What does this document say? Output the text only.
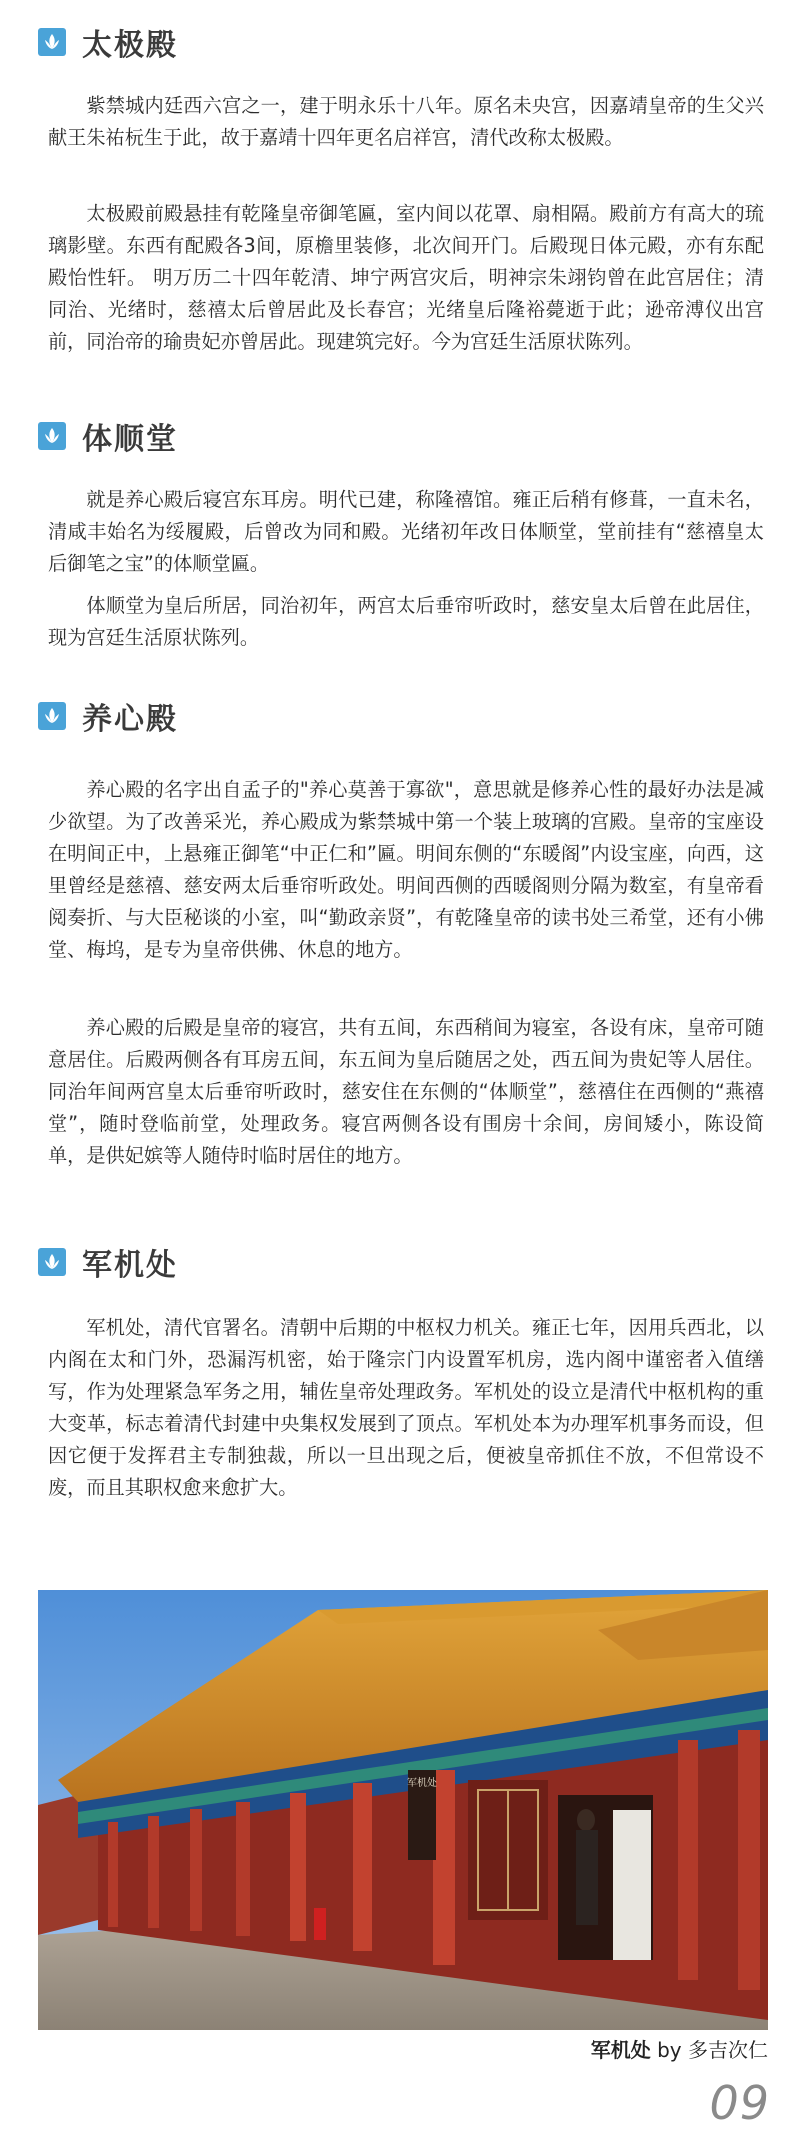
太极殿

紫禁城内廷西六宫之一，建于明永乐十八年。原名未央宫，因嘉靖皇帝的生父兴献王朱祐杬生于此，故于嘉靖十四年更名启祥宫，清代改称太极殿。

太极殿前殿悬挂有乾隆皇帝御笔匾，室内间以花罩、扇相隔。殿前方有高大的琉璃影壁。东西有配殿各3间，原檐里装修，北次间开门。后殿现日体元殿，亦有东配殿怡性轩。 明万历二十四年乾清、坤宁两宫灾后，明神宗朱翊钧曾在此宫居住；清同治、光绪时，慈禧太后曾居此及长春宫；光绪皇后隆裕薨逝于此；逊帝溥仪出宫前，同治帝的瑜贵妃亦曾居此。现建筑完好。今为宫廷生活原状陈列。

体顺堂

就是养心殿后寝宫东耳房。明代已建，称隆禧馆。雍正后稍有修葺，一直未名，清咸丰始名为绥履殿，后曾改为同和殿。光绪初年改日体顺堂，堂前挂有“慈禧皇太后御笔之宝”的体顺堂匾。

体顺堂为皇后所居，同治初年，两宫太后垂帘听政时，慈安皇太后曾在此居住，现为宫廷生活原状陈列。

养心殿

养心殿的名字出自孟子的"养心莫善于寡欲"，意思就是修养心性的最好办法是减少欲望。为了改善采光，养心殿成为紫禁城中第一个装上玻璃的宫殿。皇帝的宝座设在明间正中，上悬雍正御笔“中正仁和”匾。明间东侧的“东暖阁”内设宝座，向西，这里曾经是慈禧、慈安两太后垂帘听政处。明间西侧的西暖阁则分隔为数室，有皇帝看阅奏折、与大臣秘谈的小室，叫“勤政亲贤”，有乾隆皇帝的读书处三希堂，还有小佛堂、梅坞，是专为皇帝供佛、休息的地方。

养心殿的后殿是皇帝的寝宫，共有五间，东西稍间为寝室，各设有床，皇帝可随意居住。后殿两侧各有耳房五间，东五间为皇后随居之处，西五间为贵妃等人居住。同治年间两宫皇太后垂帘听政时，慈安住在东侧的“体顺堂”，慈禧住在西侧的“燕禧堂”，随时登临前堂，处理政务。寝宫两侧各设有围房十余间，房间矮小，陈设简单，是供妃嫔等人随侍时临时居住的地方。

军机处

军机处，清代官署名。清朝中后期的中枢权力机关。雍正七年，因用兵西北，以内阁在太和门外，恐漏泻机密，始于隆宗门内设置军机房，选内阁中谨密者入值缮写，作为处理紧急军务之用，辅佐皇帝处理政务。军机处的设立是清代中枢机构的重大变革，标志着清代封建中央集权发展到了顶点。军机处本为办理军机事务而设，但因它便于发挥君主专制独裁，所以一旦出现之后，便被皇帝抓住不放，不但常设不废，而且其职权愈来愈扩大。

军机处
军机处 by 多吉次仁
09
